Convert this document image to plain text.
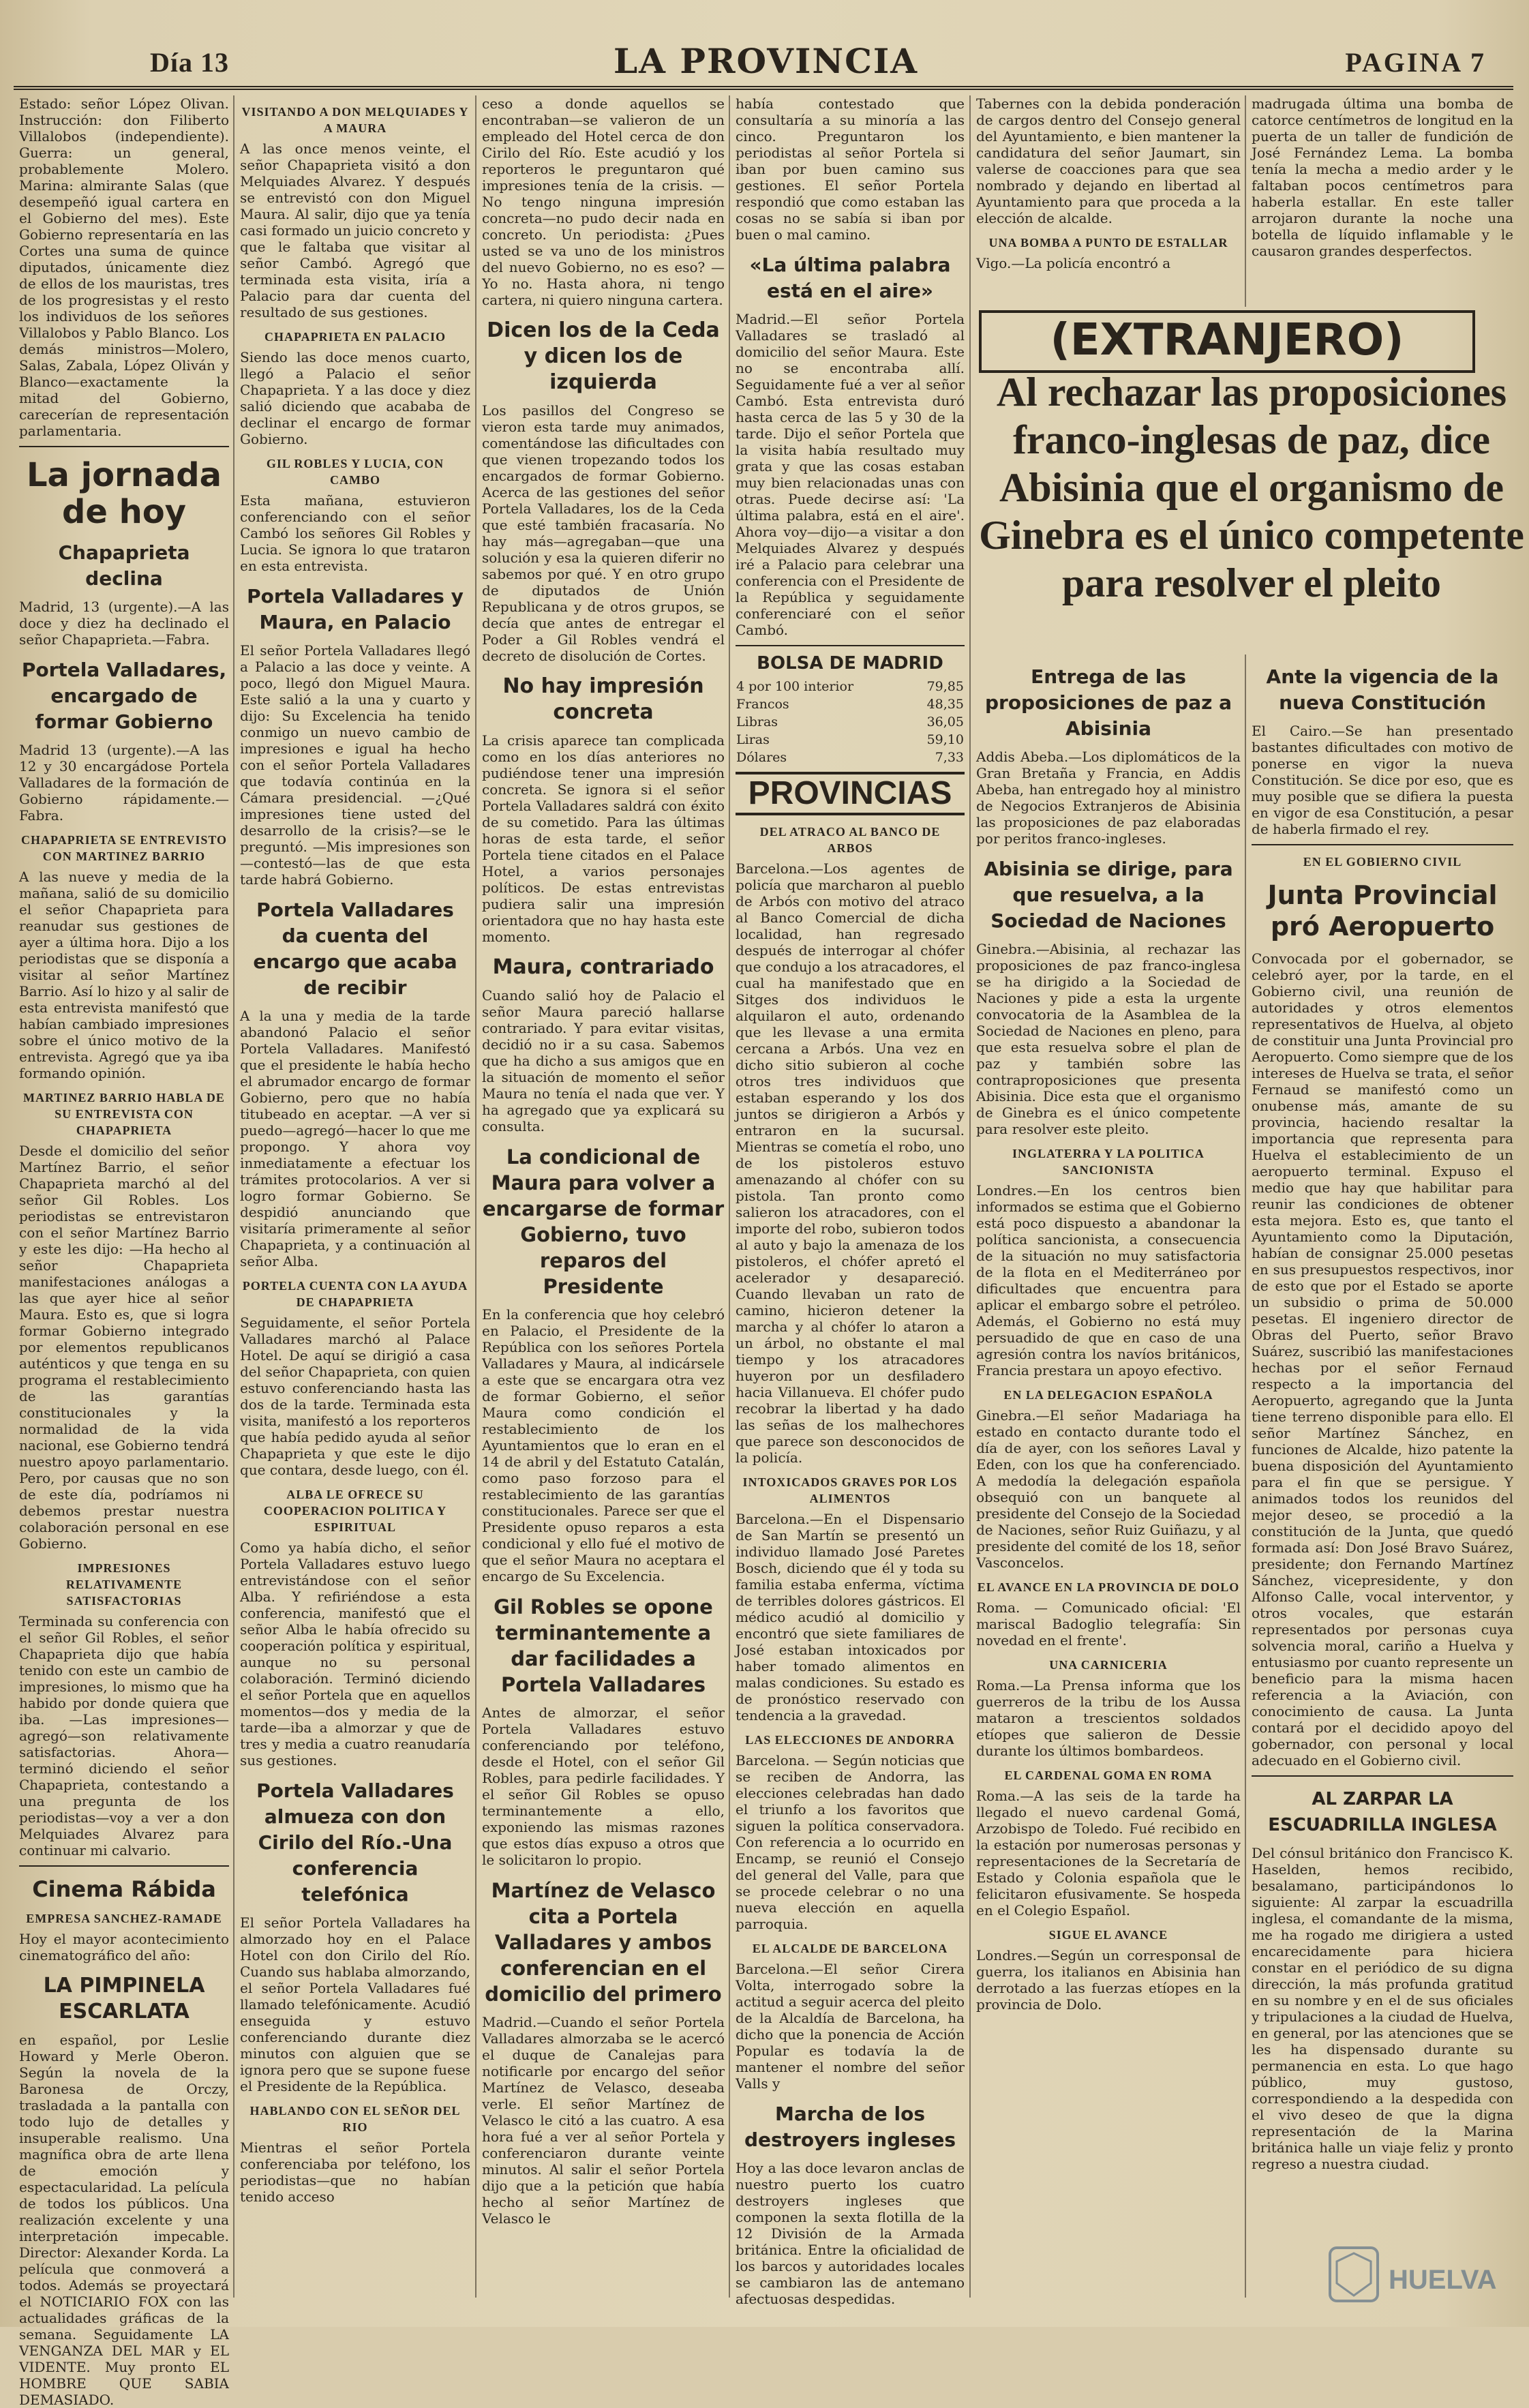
Día 13	LA PROVINCIA	PAGINA 7

Estado: señor López Olivan. Instrucción: don Filiberto Villalobos (independiente). Guerra: un general, probablemente Molero. Marina: almirante Salas (que desempeñó igual cartera en el Gobierno del mes). Este Gobierno representaría en las Cortes una suma de quince diputados, únicamente diez de ellos de los mauristas, tres de los progresistas y el resto los individuos de los señores Villalobos y Pablo Blanco. Los demás ministros—Molero, Salas, Zabala, López Oliván y Blanco—exactamente la mitad del Gobierno, carecerían de representación parlamentaria.

La jornada de hoy
Chapaprieta declina

Madrid, 13 (urgente).—A las doce y diez ha declinado el señor Chapaprieta.—Fabra.

Portela Valladares, encargado de formar Gobierno

Madrid 13 (urgente).—A las 12 y 30 encargádose Portela Valladares de la formación de Gobierno rápidamente.—Fabra.

CHAPAPRIETA SE ENTREVISTO CON MARTINEZ BARRIO

A las nueve y media de la mañana, salió de su domicilio el señor Chapaprieta para reanudar sus gestiones de ayer a última hora. Dijo a los periodistas que se disponía a visitar al señor Martínez Barrio. Así lo hizo y al salir de esta entrevista manifestó que habían cambiado impresiones sobre el único motivo de la entrevista. Agregó que ya iba formando opinión.

MARTINEZ BARRIO HABLA DE SU ENTREVISTA CON CHAPAPRIETA

Desde el domicilio del señor Martínez Barrio, el señor Chapaprieta marchó al del señor Gil Robles. Los periodistas se entrevistaron con el señor Martínez Barrio y este les dijo: —Ha hecho al señor Chapaprieta manifestaciones análogas a las que ayer hice al señor Maura. Esto es, que si logra formar Gobierno integrado por elementos republicanos auténticos y que tenga en su programa el restablecimiento de las garantías constitucionales y la normalidad de la vida nacional, ese Gobierno tendrá nuestro apoyo parlamentario. Pero, por causas que no son de este día, podríamos ni debemos prestar nuestra colaboración personal en ese Gobierno.

IMPRESIONES RELATIVAMENTE SATISFACTORIAS

Terminada su conferencia con el señor Gil Robles, el señor Chapaprieta dijo que había tenido con este un cambio de impresiones, lo mismo que ha habido por donde quiera que iba. —Las impresiones—agregó—son relativamente satisfactorias. Ahora—terminó diciendo el señor Chapaprieta, contestando a una pregunta de los periodistas—voy a ver a don Melquiades Alvarez para continuar mi calvario.

Cinema Rábida
EMPRESA SANCHEZ-RAMADE

Hoy el mayor acontecimiento cinematográfico del año:

LA PIMPINELA ESCARLATA

en español, por Leslie Howard y Merle Oberon. Según la novela de la Baronesa de Orczy, trasladada a la pantalla con todo lujo de detalles y insuperable realismo. Una magnífica obra de arte llena de emoción y espectacularidad. La película de todos los públicos. Una realización excelente y una interpretación impecable. Director: Alexander Korda. La película que conmoverá a todos. Además se proyectará el NOTICIARIO FOX con las actualidades gráficas de la semana. Seguidamente LA VENGANZA DEL MAR y EL VIDENTE. Muy pronto EL HOMBRE QUE SABIA DEMASIADO.

VISITANDO A DON MELQUIADES Y A MAURA

A las once menos veinte, el señor Chapaprieta visitó a don Melquiades Alvarez. Y después se entrevistó con don Miguel Maura. Al salir, dijo que ya tenía casi formado un juicio concreto y que le faltaba que visitar al señor Cambó. Agregó que terminada esta visita, iría a Palacio para dar cuenta del resultado de sus gestiones.

CHAPAPRIETA EN PALACIO

Siendo las doce menos cuarto, llegó a Palacio el señor Chapaprieta. Y a las doce y diez salió diciendo que acababa de declinar el encargo de formar Gobierno.

GIL ROBLES Y LUCIA, CON CAMBO

Esta mañana, estuvieron conferenciando con el señor Cambó los señores Gil Robles y Lucia. Se ignora lo que trataron en esta entrevista.

Portela Valladares y Maura, en Palacio

El señor Portela Valladares llegó a Palacio a las doce y veinte. A poco, llegó don Miguel Maura. Este salió a la una y cuarto y dijo: Su Excelencia ha tenido conmigo un nuevo cambio de impresiones e igual ha hecho con el señor Portela Valladares que todavía continúa en la Cámara presidencial. —¿Qué impresiones tiene usted del desarrollo de la crisis?—se le preguntó. —Mis impresiones son—contestó—las de que esta tarde habrá Gobierno.

Portela Valladares da cuenta del encargo que acaba de recibir

A la una y media de la tarde abandonó Palacio el señor Portela Valladares. Manifestó que el presidente le había hecho el abrumador encargo de formar Gobierno, pero que no había titubeado en aceptar. —A ver si puedo—agregó—hacer lo que me propongo. Y ahora voy inmediatamente a efectuar los trámites protocolarios. A ver si logro formar Gobierno. Se despidió anunciando que visitaría primeramente al señor Chapaprieta, y a continuación al señor Alba.

PORTELA CUENTA CON LA AYUDA DE CHAPAPRIETA

Seguidamente, el señor Portela Valladares marchó al Palace Hotel. De aquí se dirigió a casa del señor Chapaprieta, con quien estuvo conferenciando hasta las dos de la tarde. Terminada esta visita, manifestó a los reporteros que había pedido ayuda al señor Chapaprieta y que este le dijo que contara, desde luego, con él.

ALBA LE OFRECE SU COOPERACION POLITICA Y ESPIRITUAL

Como ya había dicho, el señor Portela Valladares estuvo luego entrevistándose con el señor Alba. Y refiriéndose a esta conferencia, manifestó que el señor Alba le había ofrecido su cooperación política y espiritual, aunque no su personal colaboración. Terminó diciendo el señor Portela que en aquellos momentos—dos y media de la tarde—iba a almorzar y que de tres y media a cuatro reanudaría sus gestiones.

Portela Valladares almueza con don Cirilo del Río.-Una conferencia telefónica

El señor Portela Valladares ha almorzado hoy en el Palace Hotel con don Cirilo del Río. Cuando sus hablaba almorzando, el señor Portela Valladares fué llamado telefónicamente. Acudió enseguida y estuvo conferenciando durante diez minutos con alguien que se ignora pero que se supone fuese el Presidente de la República.

HABLANDO CON EL SEÑOR DEL RIO

Mientras el señor Portela conferenciaba por teléfono, los periodistas—que no habían tenido acceso

ceso a donde aquellos se encontraban—se valieron de un empleado del Hotel cerca de don Cirilo del Río. Este acudió y los reporteros le preguntaron qué impresiones tenía de la crisis. —No tengo ninguna impresión concreta—no pudo decir nada en concreto. Un periodista: ¿Pues usted se va uno de los ministros del nuevo Gobierno, no es eso? —Yo no. Hasta ahora, ni tengo cartera, ni quiero ninguna cartera.

Dicen los de la Ceda y dicen los de izquierda

Los pasillos del Congreso se vieron esta tarde muy animados, comentándose las dificultades con que vienen tropezando todos los encargados de formar Gobierno. Acerca de las gestiones del señor Portela Valladares, los de la Ceda que esté también fracasaría. No hay más—agregaban—que una solución y esa la quieren diferir no sabemos por qué. Y en otro grupo de diputados de Unión Republicana y de otros grupos, se decía que antes de entregar el Poder a Gil Robles vendrá el decreto de disolución de Cortes.

No hay impresión concreta

La crisis aparece tan complicada como en los días anteriores no pudiéndose tener una impresión concreta. Se ignora si el señor Portela Valladares saldrá con éxito de su cometido. Para las últimas horas de esta tarde, el señor Portela tiene citados en el Palace Hotel, a varios personajes políticos. De estas entrevistas pudiera salir una impresión orientadora que no hay hasta este momento.

Maura, contrariado

Cuando salió hoy de Palacio el señor Maura pareció hallarse contrariado. Y para evitar visitas, decidió no ir a su casa. Sabemos que ha dicho a sus amigos que en la situación de momento el señor Maura no tenía el nada que ver. Y ha agregado que ya explicará su consulta.

La condicional de Maura para volver a encargarse de formar Gobierno, tuvo reparos del Presidente

En la conferencia que hoy celebró en Palacio, el Presidente de la República con los señores Portela Valladares y Maura, al indicársele a este que se encargara otra vez de formar Gobierno, el señor Maura como condición el restablecimiento de los Ayuntamientos que lo eran en el 14 de abril y del Estatuto Catalán, como paso forzoso para el restablecimiento de las garantías constitucionales. Parece ser que el Presidente opuso reparos a esta condicional y ello fué el motivo de que el señor Maura no aceptara el encargo de Su Excelencia.

Gil Robles se opone terminantemente a dar facilidades a Portela Valladares

Antes de almorzar, el señor Portela Valladares estuvo conferenciando por teléfono, desde el Hotel, con el señor Gil Robles, para pedirle facilidades. Y el señor Gil Robles se opuso terminantemente a ello, exponiendo las mismas razones que estos días expuso a otros que le solicitaron lo propio.

Martínez de Velasco cita a Portela Valladares y ambos conferencian en el domicilio del primero

Madrid.—Cuando el señor Portela Valladares almorzaba se le acercó el duque de Canalejas para notificarle por encargo del señor Martínez de Velasco, deseaba verle. El señor Martínez de Velasco le citó a las cuatro. A esa hora fué a ver al señor Portela y conferenciaron durante veinte minutos. Al salir el señor Portela dijo que a la petición que había hecho al señor Martínez de Velasco le

había contestado que consultaría a su minoría a las cinco. Preguntaron los periodistas al señor Portela si iban por buen camino sus gestiones. El señor Portela respondió que como estaban las cosas no se sabía si iban por buen o mal camino.

«La última palabra está en el aire»

Madrid.—El señor Portela Valladares se trasladó al domicilio del señor Maura. Este no se encontraba allí. Seguidamente fué a ver al señor Cambó. Esta entrevista duró hasta cerca de las 5 y 30 de la tarde. Dijo el señor Portela que la visita había resultado muy grata y que las cosas estaban muy bien relacionadas unas con otras. Puede decirse así: 'La última palabra, está en el aire'. Ahora voy—dijo—a visitar a don Melquiades Alvarez y después iré a Palacio para celebrar una conferencia con el Presidente de la República y seguidamente conferenciaré con el señor Cambó.

BOLSA DE MADRID
4 por 100 interior	79,85
Francos	48,35
Libras	36,05
Liras	59,10
Dólares	7,33
PROVINCIAS
DEL ATRACO AL BANCO DE ARBOS

Barcelona.—Los agentes de policía que marcharon al pueblo de Arbós con motivo del atraco al Banco Comercial de dicha localidad, han regresado después de interrogar al chófer que condujo a los atracadores, el cual ha manifestado que en Sitges dos individuos le alquilaron el auto, ordenando que les llevase a una ermita cercana a Arbós. Una vez en dicho sitio subieron al coche otros tres individuos que estaban esperando y los dos juntos se dirigieron a Arbós y entraron en la sucursal. Mientras se cometía el robo, uno de los pistoleros estuvo amenazando al chófer con su pistola. Tan pronto como salieron los atracadores, con el importe del robo, subieron todos al auto y bajo la amenaza de los pistoleros, el chófer apretó el acelerador y desapareció. Cuando llevaban un rato de camino, hicieron detener la marcha y al chófer lo ataron a un árbol, no obstante el mal tiempo y los atracadores huyeron por un desfiladero hacia Villanueva. El chófer pudo recobrar la libertad y ha dado las señas de los malhechores que parece son desconocidos de la policía.

INTOXICADOS GRAVES POR LOS ALIMENTOS

Barcelona.—En el Dispensario de San Martín se presentó un individuo llamado José Paretes Bosch, diciendo que él y toda su familia estaba enferma, víctima de terribles dolores gástricos. El médico acudió al domicilio y encontró que siete familiares de José estaban intoxicados por haber tomado alimentos en malas condiciones. Su estado es de pronóstico reservado con tendencia a la gravedad.

LAS ELECCIONES DE ANDORRA

Barcelona. — Según noticias que se reciben de Andorra, las elecciones celebradas han dado el triunfo a los favoritos que siguen la política conservadora. Con referencia a lo ocurrido en Encamp, se reunió el Consejo del general del Valle, para que se procede celebrar o no una nueva elección en aquella parroquia.

EL ALCALDE DE BARCELONA

Barcelona.—El señor Cirera Volta, interrogado sobre la actitud a seguir acerca del pleito de la Alcaldía de Barcelona, ha dicho que la ponencia de Acción Popular es todavía la de mantener el nombre del señor Valls y

Marcha de los destroyers ingleses

Hoy a las doce levaron anclas de nuestro puerto los cuatro destroyers ingleses que componen la sexta flotilla de la 12 División de la Armada británica. Entre la oficialidad de los barcos y autoridades locales se cambiaron las de antemano afectuosas despedidas.

Tabernes con la debida ponderación de cargos dentro del Consejo general del Ayuntamiento, e bien mantener la candidatura del señor Jaumart, sin valerse de coacciones para que sea nombrado y dejando en libertad al Ayuntamiento para que proceda a la elección de alcalde.

UNA BOMBA A PUNTO DE ESTALLAR

Vigo.—La policía encontró a

madrugada última una bomba de catorce centímetros de longitud en la puerta de un taller de fundición de José Fernández Lema. La bomba tenía la mecha a medio arder y le faltaban pocos centímetros para haberla estallar. En este taller arrojaron durante la noche una botella de líquido inflamable y le causaron grandes desperfectos.

(EXTRANJERO)
Al rechazar las proposiciones franco-inglesas de paz, dice Abisinia que el organismo de Ginebra es el único competente para resolver el pleito
Entrega de las proposiciones de paz a Abisinia

Addis Abeba.—Los diplomáticos de la Gran Bretaña y Francia, en Addis Abeba, han entregado hoy al ministro de Negocios Extranjeros de Abisinia las proposiciones de paz elaboradas por peritos franco-ingleses.

Abisinia se dirige, para que resuelva, a la Sociedad de Naciones

Ginebra.—Abisinia, al rechazar las proposiciones de paz franco-inglesa se ha dirigido a la Sociedad de Naciones y pide a esta la urgente convocatoria de la Asamblea de la Sociedad de Naciones en pleno, para que esta resuelva sobre el plan de paz y también sobre las contraproposiciones que presenta Abisinia. Dice esta que el organismo de Ginebra es el único competente para resolver este pleito.

INGLATERRA Y LA POLITICA SANCIONISTA

Londres.—En los centros bien informados se estima que el Gobierno está poco dispuesto a abandonar la política sancionista, a consecuencia de la situación no muy satisfactoria de la flota en el Mediterráneo por dificultades que encuentra para aplicar el embargo sobre el petróleo. Además, el Gobierno no está muy persuadido de que en caso de una agresión contra los navíos británicos, Francia prestara un apoyo efectivo.

EN LA DELEGACION ESPAÑOLA

Ginebra.—El señor Madariaga ha estado en contacto durante todo el día de ayer, con los señores Laval y Eden, con los que ha conferenciado. A medodía la delegación española obsequió con un banquete al presidente del Consejo de la Sociedad de Naciones, señor Ruiz Guiñazu, y al presidente del comité de los 18, señor Vasconcelos.

EL AVANCE EN LA PROVINCIA DE DOLO

Roma. — Comunicado oficial: 'El mariscal Badoglio telegrafía: Sin novedad en el frente'.

UNA CARNICERIA

Roma.—La Prensa informa que los guerreros de la tribu de los Aussa mataron a trescientos soldados etíopes que salieron de Dessie durante los últimos bombardeos.

EL CARDENAL GOMA EN ROMA

Roma.—A las seis de la tarde ha llegado el nuevo cardenal Gomá, Arzobispo de Toledo. Fué recibido en la estación por numerosas personas y representaciones de la Secretaría de Estado y Colonia española que le felicitaron efusivamente. Se hospeda en el Colegio Español.

SIGUE EL AVANCE

Londres.—Según un corresponsal de guerra, los italianos en Abisinia han derrotado a las fuerzas etíopes en la provincia de Dolo.

Ante la vigencia de la nueva Constitución

El Cairo.—Se han presentado bastantes dificultades con motivo de ponerse en vigor la nueva Constitución. Se dice por eso, que es muy posible que se difiera la puesta en vigor de esa Constitución, a pesar de haberla firmado el rey.

EN EL GOBIERNO CIVIL
Junta Provincial pró Aeropuerto

Convocada por el gobernador, se celebró ayer, por la tarde, en el Gobierno civil, una reunión de autoridades y otros elementos representativos de Huelva, al objeto de constituir una Junta Provincial pro Aeropuerto. Como siempre que de los intereses de Huelva se trata, el señor Fernaud se manifestó como un onubense más, amante de su provincia, haciendo resaltar la importancia que representa para Huelva el establecimiento de un aeropuerto terminal. Expuso el medio que hay que habilitar para reunir las condiciones de obtener esta mejora. Esto es, que tanto el Ayuntamiento como la Diputación, habían de consignar 25.000 pesetas en sus presupuestos respectivos, inor de esto que por el Estado se aporte un subsidio o prima de 50.000 pesetas. El ingeniero director de Obras del Puerto, señor Bravo Suárez, suscribió las manifestaciones hechas por el señor Fernaud respecto a la importancia del Aeropuerto, agregando que la Junta tiene terreno disponible para ello. El señor Martínez Sánchez, en funciones de Alcalde, hizo patente la buena disposición del Ayuntamiento para el fin que se persigue. Y animados todos los reunidos del mejor deseo, se procedió a la constitución de la Junta, que quedó formada así: Don José Bravo Suárez, presidente; don Fernando Martínez Sánchez, vicepresidente, y don Alfonso Calle, vocal interventor, y otros vocales, que estarán representados por personas cuya solvencia moral, cariño a Huelva y entusiasmo por cuanto represente un beneficio para la misma hacen referencia a la Aviación, con conocimiento de causa. La Junta contará por el decidido apoyo del gobernador, con personal y local adecuado en el Gobierno civil.

AL ZARPAR LA ESCUADRILLA INGLESA

Del cónsul británico don Francisco K. Haselden, hemos recibido, besalamano, participándonos lo siguiente: Al zarpar la escuadrilla inglesa, el comandante de la misma, me ha rogado me dirigiera a usted encarecidamente para hiciera constar en el periódico de su digna dirección, la más profunda gratitud en su nombre y en el de sus oficiales y tripulaciones a la ciudad de Huelva, en general, por las atenciones que se les ha dispensado durante su permanencia en esta. Lo que hago público, muy gustoso, correspondiendo a la despedida con el vivo deseo de que la digna representación de la Marina británica halle un viaje feliz y pronto regreso a nuestra ciudad.

HUELVA
